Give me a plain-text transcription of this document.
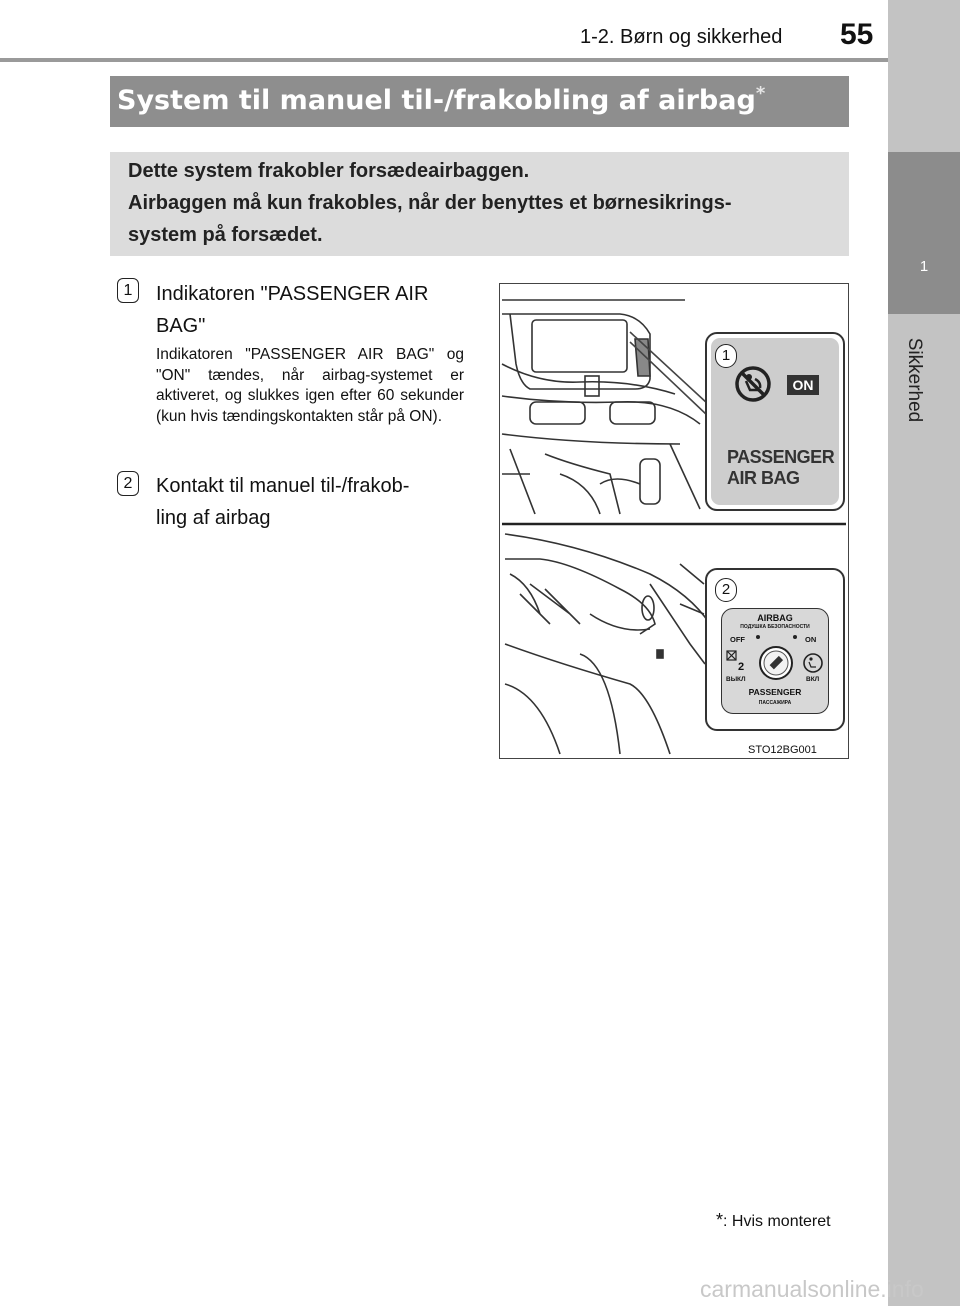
1-2. Børn og sikkerhed 55
1
Sikkerhed
System til manuel til-/frakobling af airbag*
Dette system frakobler forsædeairbaggen.
Airbaggen må kun frakobles, når der benyttes et børnesikrings-
system på forsædet.
1	Indikatoren "PASSENGER AIR
BAG"
Indikatoren "PASSENGER AIR BAG" og "ON" tændes, når airbag-systemet er aktiveret, og slukkes igen efter 60 sekunder (kun hvis tændingskontakten står på ON).
2	Kontakt til manuel til-/frakob-
ling af airbag
1
ON
PASSENGER
AIR BAG
2
AIRBAG
ПОДУШКА БЕЗОПАСНОСТИ
OFF	ON
2
ВЫКЛ	ВКЛ
PASSENGER
ПАССАЖИРА
STO12BG001
*: Hvis monteret
carmanualsonline.info
